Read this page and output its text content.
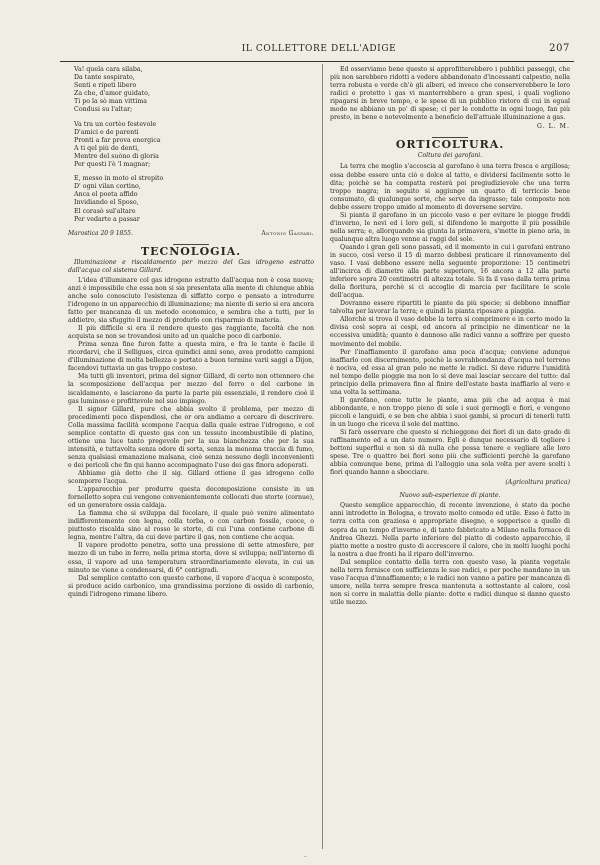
IL COLLETTORE DELL'ADIGE	207
Va! quela cara silaba,
Da tante sospirato,
Senti e ripeti libero
Za che, d'amor guidato,
Ti po la sò man vittima
Condusi su l'altar;
Va tra un cortèo festevole
D'amici e de parenti
Pronti a far prova energica
A ti qel più de denti,
Mentre del suòno di gloria
Per questi l'è 'l magnar;
E, messo in moto el strepito
D' ogni vilan cortino,
Anca el poeta affido
Invidiando el Sposo,
El corasò sul'altare
Per vedarte a passar
Marostica 20 9 1855.	Antonio Gaspari.
TECNOLOGIA.

Illuminazione e riscaldamento per mezzo del Gas idrogeno estratto dall'acqua col sistema Gillard.

L'idea d'illuminare col gas idrogeno estratto dall'acqua non è cosa nuova; anzi è impossibile che essa non si sia presentata alla mente di chiunque abbia anche solo conosciuto l'esistenza di siffatto corpo e pensato a introdurre l'idrogeno in un apparecchio di illuminazione; ma niente di serio si era ancora fatto per mancanza di un metodo economico, e sembra che a tutti, per lo addietro, sia sfuggito il mezzo di produrlo con risparmio di materia.

Il più difficile si era il rendere questo gas raggiante, facoltà che non acquista se non se trovandosi unito ad un qualche poco di carbonio.

Prima senza fine furon fatte a questa mira, e fra le tante è facile il ricordarvi, che il Selligues, circa quindici anni sono, avea prodotto campioni d'illuminazione di molta bellezza e portato a buon termine varii saggi a Dijon, facendovi tuttavia un gas troppo costoso.

Ma tutti gli inventori, prima del signor Gillard, di certo non ottennero che la scomposizione dell'acqua per mezzo del ferro o del carbone in iscaldamento, e lasciarono da parte la parte più essenziale, il rendere cioè il gas luminoso e profittevole nel suo impiego.

Il signor Gillard, pure che abbia svolto il problema, per mezzo di procedimenti poco dispendiosi, che or ora andiamo a cercare di descrivere. Colla massima facilità scompone l'acqua dalla quale estrae l'idrogeno, e col semplice contatto di questo gas con un tessuto incombustibile di platino, ottiene una luce tanto pregevole per la sua bianchezza che per la sua intensità, e tuttavolta senza odore di sorta, senza la menoma traccia di fumo, senza qualsiasi emanazione malsana, cioè senza nessuno degli inconvenienti e dei pericoli che fin qui hanno accompagnato l'uso dei gas finora adoperati.

Abbiamo già detto che il sig. Gillard ottiene il gas idrogeno collo scomporre l'acqua.

L'apparecchio per produrre questa decomposizione consiste in un fornelletto sopra cui vengono convenientemente collocati due storte (cornue), ed un generatore ossia caldaja.

La fiamma che si sviluppa dal focolare, il quale può venire alimentato indifferentemente con legna, colla torba, o con carbon fossile, cuoce, o piuttosto riscalda sino al rosso le storte, di cui l'una contiene carbone di legna, mentre l'altra, da cui deve partire il gas, non contiene che acqua.

Il vapore prodotto penetra, sotto una pressione di sette atmosfere, per mezzo di un tubo in ferro, nella prima storta, dove si sviluppa; nell'interno di essa, il vapore ad una temperatura straordinariamente elevata, in cui un minuto ne viene a condensarsi, di 6° centigradi.

Dal semplice contatto con questo carbone, il vapore d'acqua è scomposto, si produce acido carbonico, una grandissima porzione di ossido di carbonio, quindi l'idrogeno rimane libero.

Ed osserviamo bene questo si approfitterebbero i pubblici passeggi, che più non sarebbero ridotti a vedere abbandonato d'incessanti calpestio, nella terra robusta e verde ch'è gli alberi, ed invece che conserverebbero le loro radici e protetto i gas vi manterrebbero a gran spesi, i quali vogliono ripagarsi in breve tempo, e le spese di un pubblico ristoro di cui in egual modo ne abbiano un po' di spese; ci per le condotte in ogni luogo, fan più presto, in bene e notevolmente a beneficio dell'attuale illuminazione a gas.

G. L. M.
ORTICOLTURA.
Coltura dei garofani.

La terra che meglio s'accoscia al garofano è una terra fresca e argillosa; essa debbe essere unta ciò e dolce al tatto, e dividersi facilmente sotto le dita; poichè se ha compatta resterà poi pregiudizievole che una terra troppo magra; in seguito si aggiunge un quarto di terriccio bene consumato, di qualunque sorte, che serve da ingrasso; tale composto non debbe essere troppo umido al momento di doversene servire.

Si pianta il garofano in un piccolo vaso e per evitare le piogge freddi d'inverno, le nevi ed i loro geli, si difendono le margotte il più possibile nella serra; e, allorquando sia giunta la primavera, s'mette in pieno aria, in qualunque altra luogo venne ai raggi del sole.

Quando i gran geli sono passati, ed il momento in cui i garofani entrano in succo, così verso il 15 di marzo debbesi praticare il rinnovamento del vaso. I vasi debbono essere nella seguente proporzione: 15 centimetri all'incirca di diametro alla parte superiore, 16 ancora a 12 alla parte inferiore sopra 20 centimetri di altezza totale. Si fa il vaso dalla terra prima della fioritura, perchè si ci accoglie di marcia per facilitare le scole dell'acqua.

Dovranno essere ripartiti le piante da più specie; si debbono innaffiar talvolta per lavorar la terra; e quindi la pianta riposare a piaggia.

Allorchè si trova il vaso debbe la terra si comprimere e in certo modo la divisa così sopra ai cespi, ed ancora al principio ne dimenticar ne la eccessiva umidità; quanto è dannoso alle radici vanno a soffrire per questo movimento del mobile.

Per l'inaffiamento il garofano ama poca d'acqua; conviene adunque inaffiarlo con discernimento, poichè la sovrabbondanza d'acqua nel terreno è nociva, ed essa al gran pelo ne mette le radici. Si deve ridurre l'umidità nel tempo delle pioggie ma non lo si deve mai lasciar seccare del tutto: dal principio della primavera fino al finire dell'estate basta inaffiarlo al vero e una volta la settimana.

Il garofano, come tutte le piante, ama più che ad acqua è mai abbondante, e non troppo pieno di sole i suoi germogli e fiori, e vengono piccoli e languidi, e se ben che abbia i suoi gambi, si procuri di tenerli tutti in un luogo che riceva il sole del mattino.

Si farà osservare che questo si richieggono dei fiori di un dato grado di raffinamento ed a un dato numero. Egli è dunque necessario di togliere i bottoni superflui e non si dà nulla che possa tenere e vegliare alle loro spese. Tre o quattro bei fiori sono più che sufficienti perchè la garofano abbia comunque bene, prima di l'alloggio una sola volta per avere scelti i fiori quando hanno a sbocciare.

(Agricoltura pratica)
Nuovo sub-esperienze di piante.

Questo semplice apparecchio, di recente invenzione, è stato da poche anni introdotto in Bologna, e trovato molto comodo ed utile. Esso è fatto in terra cotta con graziosa e appropriate disegno, e sopperisce a quello di sopra da un tempo d'inverno e, di tanto fabbricato a Milano nella fornace di Andrea Ghezzi. Nella parte inferiore del piatto di codesto apparecchio, il piatto mette a nostro gusto di accrescere il calore, che in molti luoghi pochi la nostra a due fronti ha il riparo dell'inverno.

Dal semplice contatto della terra con questo vaso, la pianta vegetale nella terra fornisce con sufficienza le sue radici, e per poche mandano in un vaso l'acqua d'innaffiamento; e le radici non vanno a patire per mancanza di umore, nella terra sempre fresca mantenuta a sottostante al calore, così non si corre in malattia delle piante: dotte e radici dunque si danno questo utile mezzo.

·
